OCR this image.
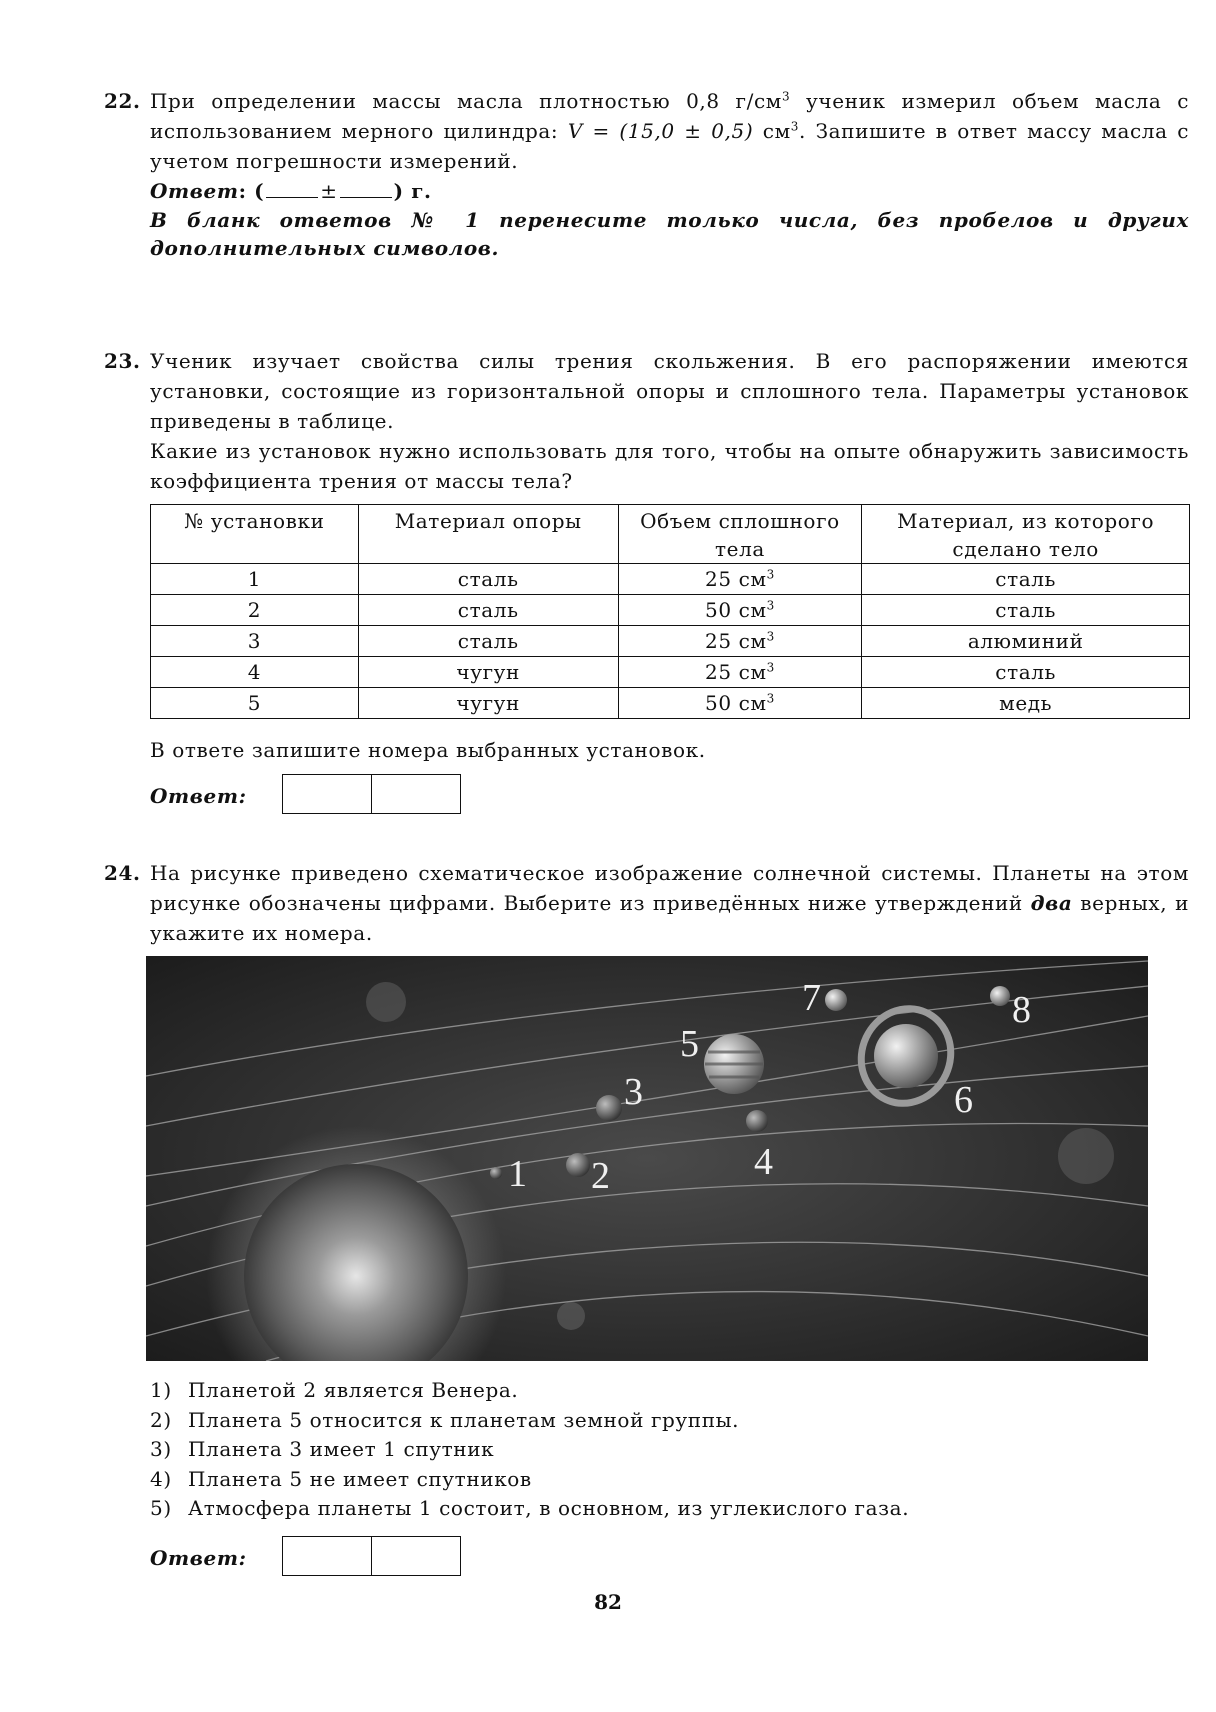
22. При определении массы масла плотностью 0,8 $г/см^3$ ученик измерил объем масла с использованием мерного цилиндра: V = (15,0 ± 0,5) $см^3$. Запишите в ответ массу масла с учетом погрешности измерений.

Ответ: (	±	) г.

В бланк ответов № 1 перенесите только числа, без пробелов и других дополнительных символов.

23. Ученик изучает свойства силы трения скольжения. В его распоряжении имеются установки, состоящие из горизонтальной опоры и сплошного тела. Параметры установок приведены в таблице.

Какие из установок нужно использовать для того, чтобы на опыте обнаружить зависимость коэффициента трения от массы тела?

№ установки	Материал опоры	Объем сплошного тела	Материал, из которого сделано тело
1	сталь	25 $см^3$	сталь
2	сталь	50 $см^3$	сталь
3	сталь	25 $см^3$	алюминий
4	чугун	25 $см^3$	сталь
5	чугун	50 $см^3$	медь
В ответе запишите номера выбранных установок.
Ответ:
24. На рисунке приведено схематическое изображение солнечной системы. Планеты на этом рисунке обозначены цифрами. Выберите из приведённых ниже утверждений два верных, и укажите их номера.

1 2
3
4
5
6
7	8
1) Планетой 2 является Венера.
2) Планета 5 относится к планетам земной группы.
3) Планета 3 имеет 1 спутник
4) Планета 5 не имеет спутников
5) Атмосфера планеты 1 состоит, в основном, из углекислого газа.
Ответ:
82
